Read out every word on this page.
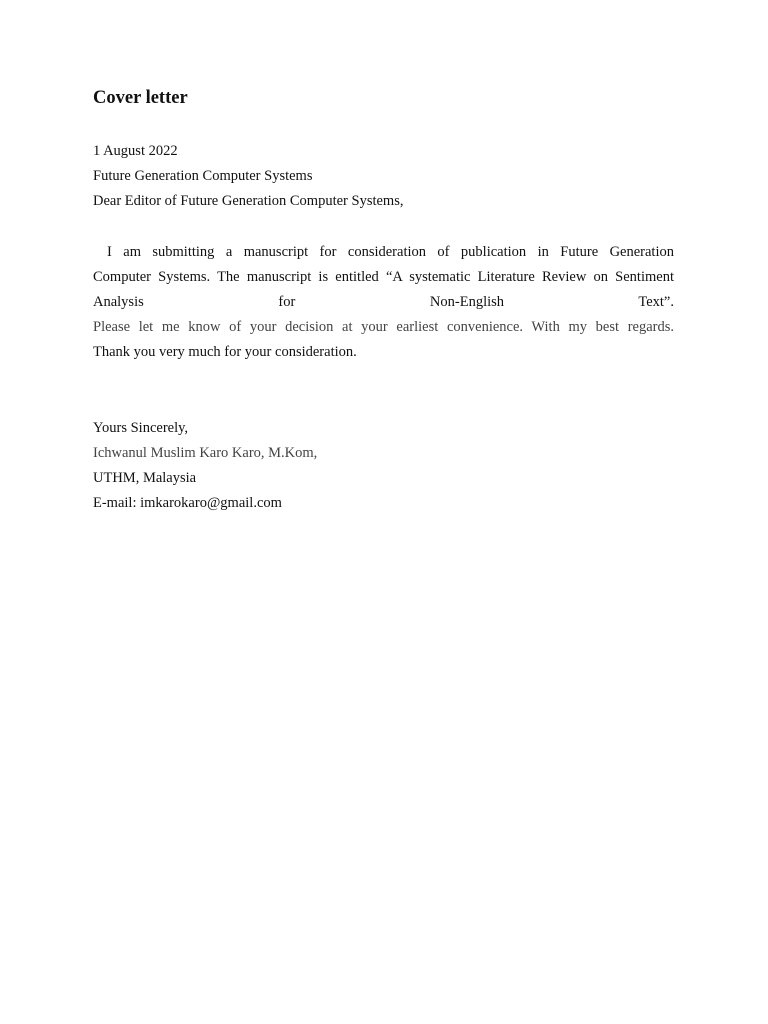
Cover letter

1 August 2022

Future Generation Computer Systems

Dear Editor of Future Generation Computer Systems,

I am submitting a manuscript for consideration of publication in Future Generation
Computer Systems. The manuscript is entitled “A systematic Literature Review on Sentiment
Analysis for Non-English Text”.
Please let me know of your decision at your earliest convenience. With my best regards.

Thank you very much for your consideration.

Yours Sincerely,

Ichwanul Muslim Karo Karo, M.Kom,

UTHM, Malaysia

E-mail: imkarokaro@gmail.com
